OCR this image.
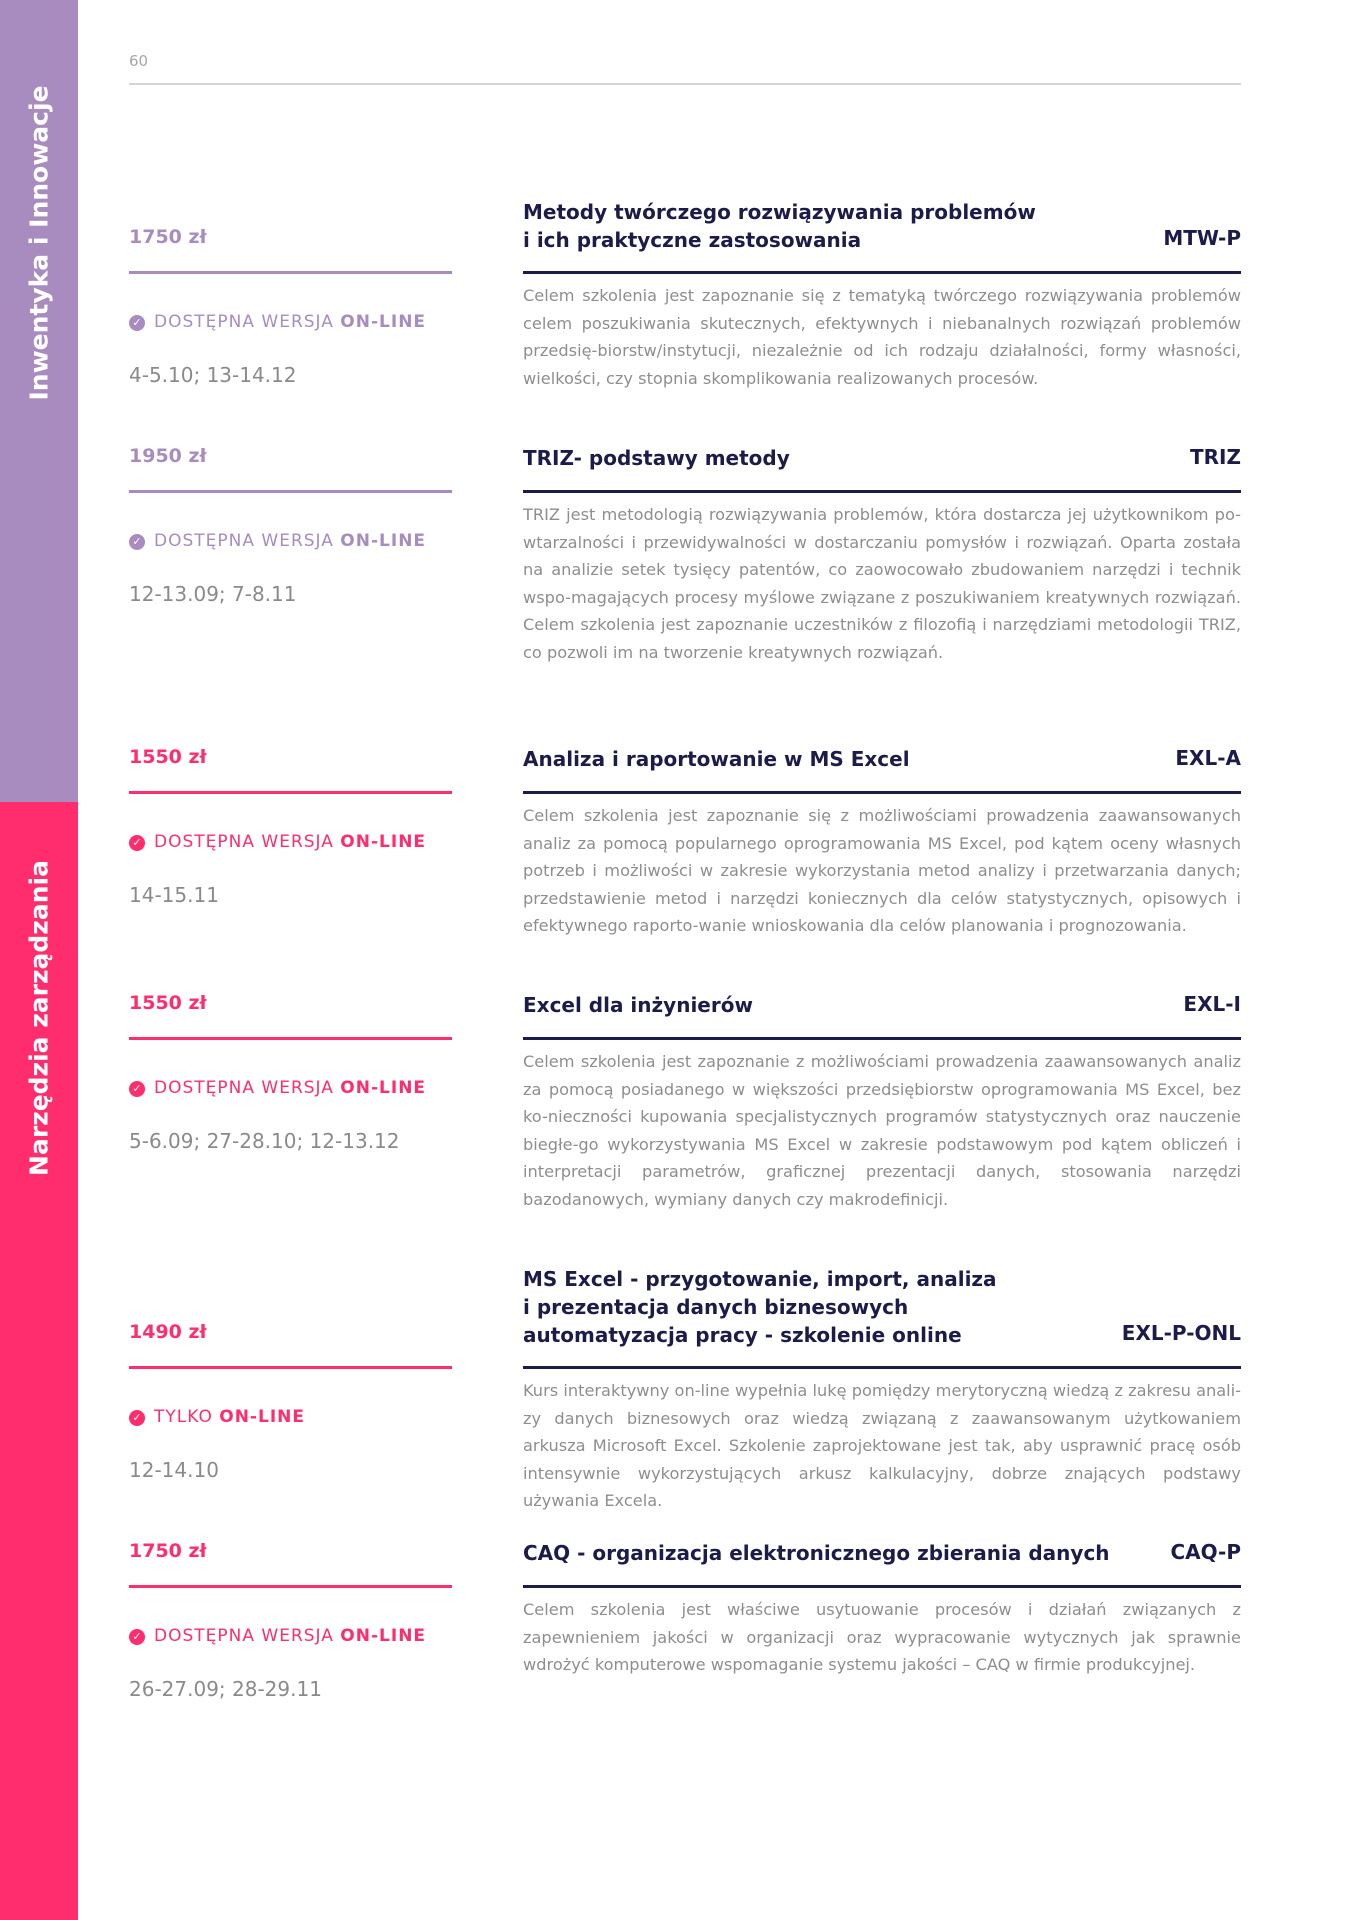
Inwentyka i Innowacje
Narzędzia zarządzania
60
1750 zł
✓ DOSTĘPNA WERSJA ON-LINE
4-5.10; 13-14.12
Metody twórczego rozwiązywania problemów
i ich praktyczne zastosowania	MTW-P
Celem szkolenia jest zapoznanie się z tematyką twórczego rozwiązywania problemów celem poszukiwania skutecznych, efektywnych i niebanalnych rozwiązań problemów przedsię-biorstw/instytucji, niezależnie od ich rodzaju działalności, formy własności, wielkości, czy stopnia skomplikowania realizowanych procesów.
1950 zł
✓ DOSTĘPNA WERSJA ON-LINE
12-13.09; 7-8.11
TRIZ- podstawy metody	TRIZ
TRIZ jest metodologią rozwiązywania problemów, która dostarcza jej użytkownikom po-wtarzalności i przewidywalności w dostarczaniu pomysłów i rozwiązań. Oparta została na analizie setek tysięcy patentów, co zaowocowało zbudowaniem narzędzi i technik wspo-magających procesy myślowe związane z poszukiwaniem kreatywnych rozwiązań. Celem szkolenia jest zapoznanie uczestników z filozofią i narzędziami metodologii TRIZ, co pozwoli im na tworzenie kreatywnych rozwiązań.
1550 zł
✓ DOSTĘPNA WERSJA ON-LINE
14-15.11
Analiza i raportowanie w MS Excel	EXL-A
Celem szkolenia jest zapoznanie się z możliwościami prowadzenia zaawansowanych analiz za pomocą popularnego oprogramowania MS Excel, pod kątem oceny własnych potrzeb i możliwości w zakresie wykorzystania metod analizy i przetwarzania danych; przedstawienie metod i narzędzi koniecznych dla celów statystycznych, opisowych i efektywnego raporto-wanie wnioskowania dla celów planowania i prognozowania.
1550 zł
✓ DOSTĘPNA WERSJA ON-LINE
5-6.09; 27-28.10; 12-13.12
Excel dla inżynierów	EXL-I
Celem szkolenia jest zapoznanie z możliwościami prowadzenia zaawansowanych analiz za pomocą posiadanego w większości przedsiębiorstw oprogramowania MS Excel, bez ko-nieczności kupowania specjalistycznych programów statystycznych oraz nauczenie biegłe-go wykorzystywania MS Excel w zakresie podstawowym pod kątem obliczeń i interpretacji parametrów, graficznej prezentacji danych, stosowania narzędzi bazodanowych, wymiany danych czy makrodefinicji.
1490 zł
✓ TYLKO ON-LINE
12-14.10
MS Excel - przygotowanie, import, analiza
i prezentacja danych biznesowych
automatyzacja pracy - szkolenie online	EXL-P-ONL
Kurs interaktywny on-line wypełnia lukę pomiędzy merytoryczną wiedzą z zakresu anali-zy danych biznesowych oraz wiedzą związaną z zaawansowanym użytkowaniem arkusza Microsoft Excel. Szkolenie zaprojektowane jest tak, aby usprawnić pracę osób intensywnie wykorzystujących arkusz kalkulacyjny, dobrze znających podstawy używania Excela.
1750 zł
✓ DOSTĘPNA WERSJA ON-LINE
26-27.09; 28-29.11
CAQ - organizacja elektronicznego zbierania danych	CAQ-P
Celem szkolenia jest właściwe usytuowanie procesów i działań związanych z zapewnieniem jakości w organizacji oraz wypracowanie wytycznych jak sprawnie wdrożyć komputerowe wspomaganie systemu jakości – CAQ w firmie produkcyjnej.
